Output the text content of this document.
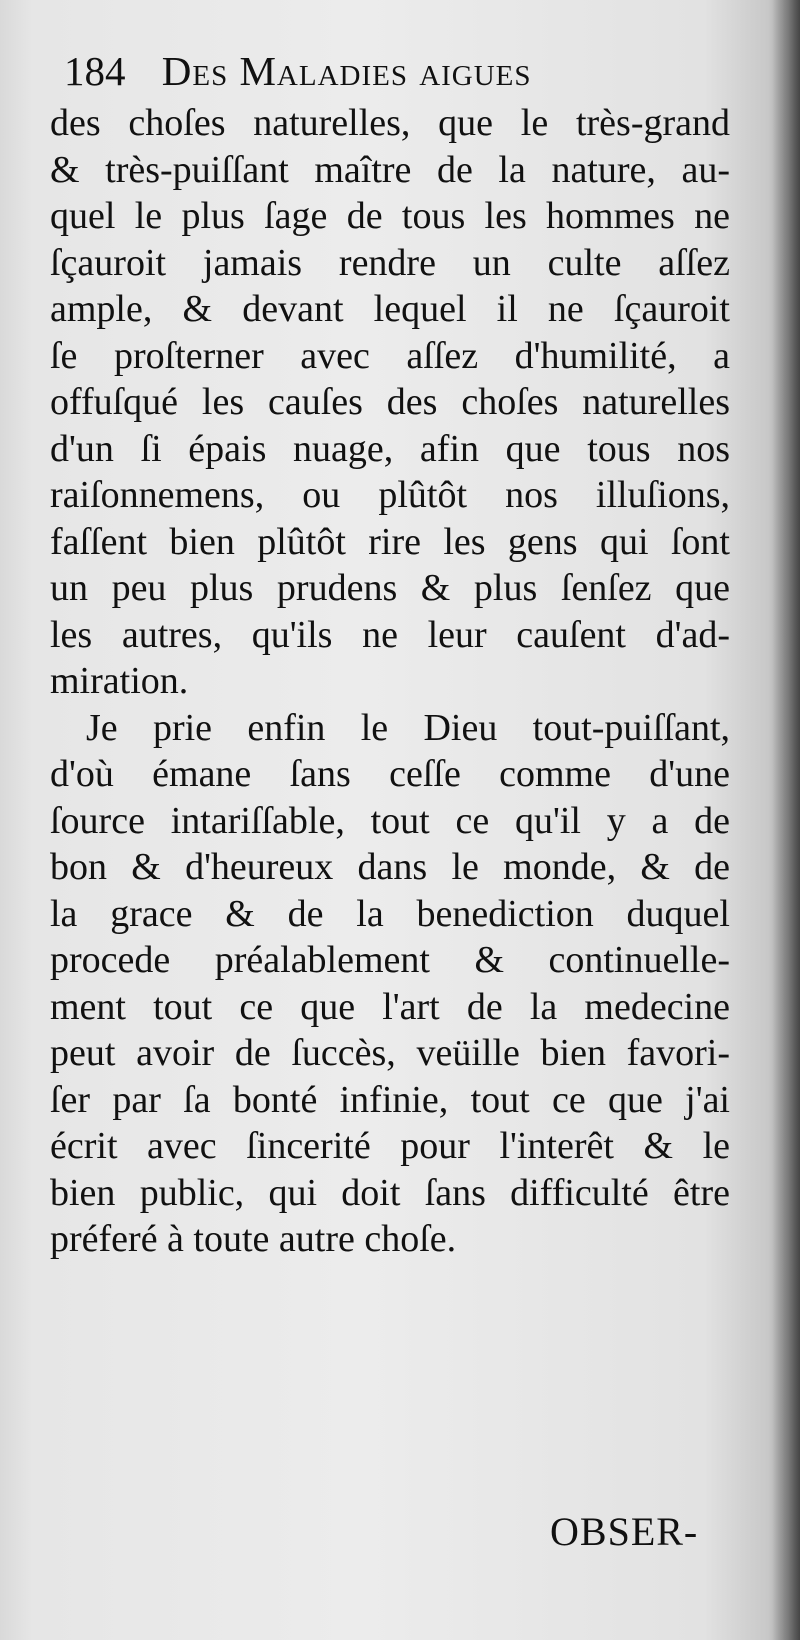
184 Des Maladies aigues
des choſes naturelles, que le très-grand
& très-puiſſant maître de la nature, au-
quel le plus ſage de tous les hommes ne
ſçauroit jamais rendre un culte aſſez
ample, & devant lequel il ne ſçauroit
ſe proſterner avec aſſez d'humilité, a
offuſqué les cauſes des choſes naturelles
d'un ſi épais nuage, afin que tous nos
raiſonnemens, ou plûtôt nos illuſions,
faſſent bien plûtôt rire les gens qui ſont
un peu plus prudens & plus ſenſez que
les autres, qu'ils ne leur cauſent d'ad-
miration.
Je prie enfin le Dieu tout-puiſſant,
d'où émane ſans ceſſe comme d'une
ſource intariſſable, tout ce qu'il y a de
bon & d'heureux dans le monde, & de
la grace & de la benediction duquel
procede préalablement & continuelle-
ment tout ce que l'art de la medecine
peut avoir de ſuccès, veüille bien favori-
ſer par ſa bonté infinie, tout ce que j'ai
écrit avec ſincerité pour l'interêt & le
bien public, qui doit ſans difficulté être
préferé à toute autre choſe.
OBSER-
